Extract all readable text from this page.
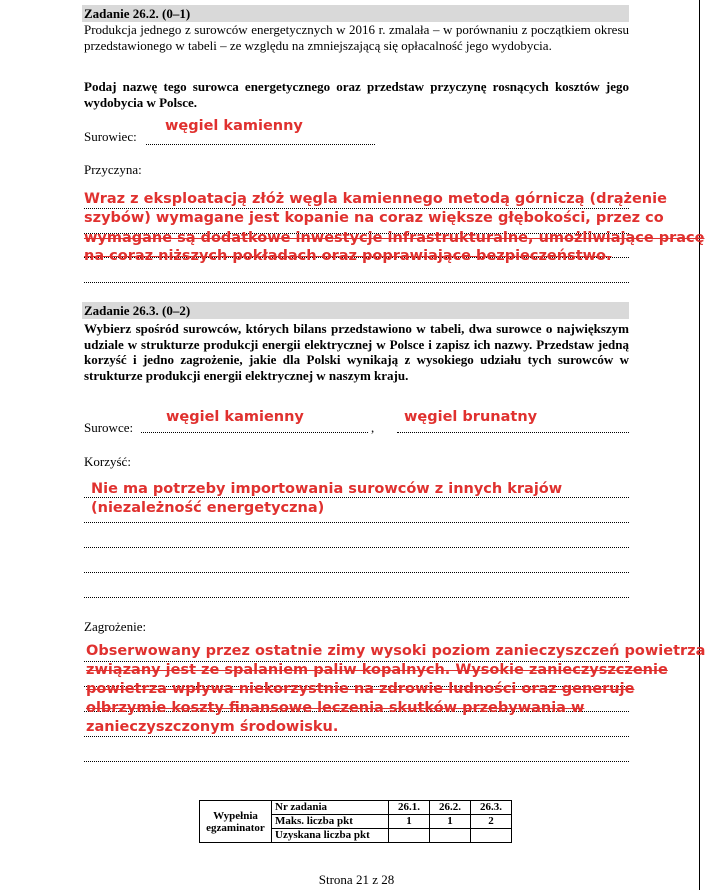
Zadanie 26.2. (0–1)

Produkcja jednego z surowców energetycznych w 2016 r. zmalała – w porównaniu z początkiem okresu przedstawionego w tabeli – ze względu na zmniejszającą się opłacalność jego wydobycia.

Podaj nazwę tego surowca energetycznego oraz przedstaw przyczynę rosnących kosztów jego wydobycia w Polsce.

Surowiec:
węgiel kamienny
Przyczyna:
Wraz z eksploatacją złóż węgla kamiennego metodą górniczą (drążenie
szybów) wymagane jest kopanie na coraz większe głębokości, przez co
wymagane są dodatkowe inwestycje infrastrukturalne, umożliwiające pracę
na coraz niższych pokładach oraz poprawiające bezpieczeństwo.
Zadanie 26.3. (0–2)

Wybierz spośród surowców, których bilans przedstawiono w tabeli, dwa surowce o największym udziale w strukturze produkcji energii elektrycznej w Polsce i zapisz ich nazwy. Przedstaw jedną korzyść i jedno zagrożenie, jakie dla Polski wynikają z wysokiego udziału tych surowców w strukturze produkcji energii elektrycznej w naszym kraju.

Surowce:	,
węgiel kamienny	węgiel brunatny
Korzyść:
Nie ma potrzeby importowania surowców z innych krajów
(niezależność energetyczna)
Zagrożenie:
Obserwowany przez ostatnie zimy wysoki poziom zanieczyszczeń powietrza
związany jest ze spalaniem paliw kopalnych. Wysokie zanieczyszczenie
powietrza wpływa niekorzystnie na zdrowie ludności oraz generuje
olbrzymie koszty finansowe leczenia skutków przebywania w
zanieczyszczonym środowisku.
Wypełnia egzaminator	Nr zadania	26.1.	26.2.	26.3.
	Maks. liczba pkt	1	1	2
	Uzyskana liczba pkt			
Strona 21 z 28
